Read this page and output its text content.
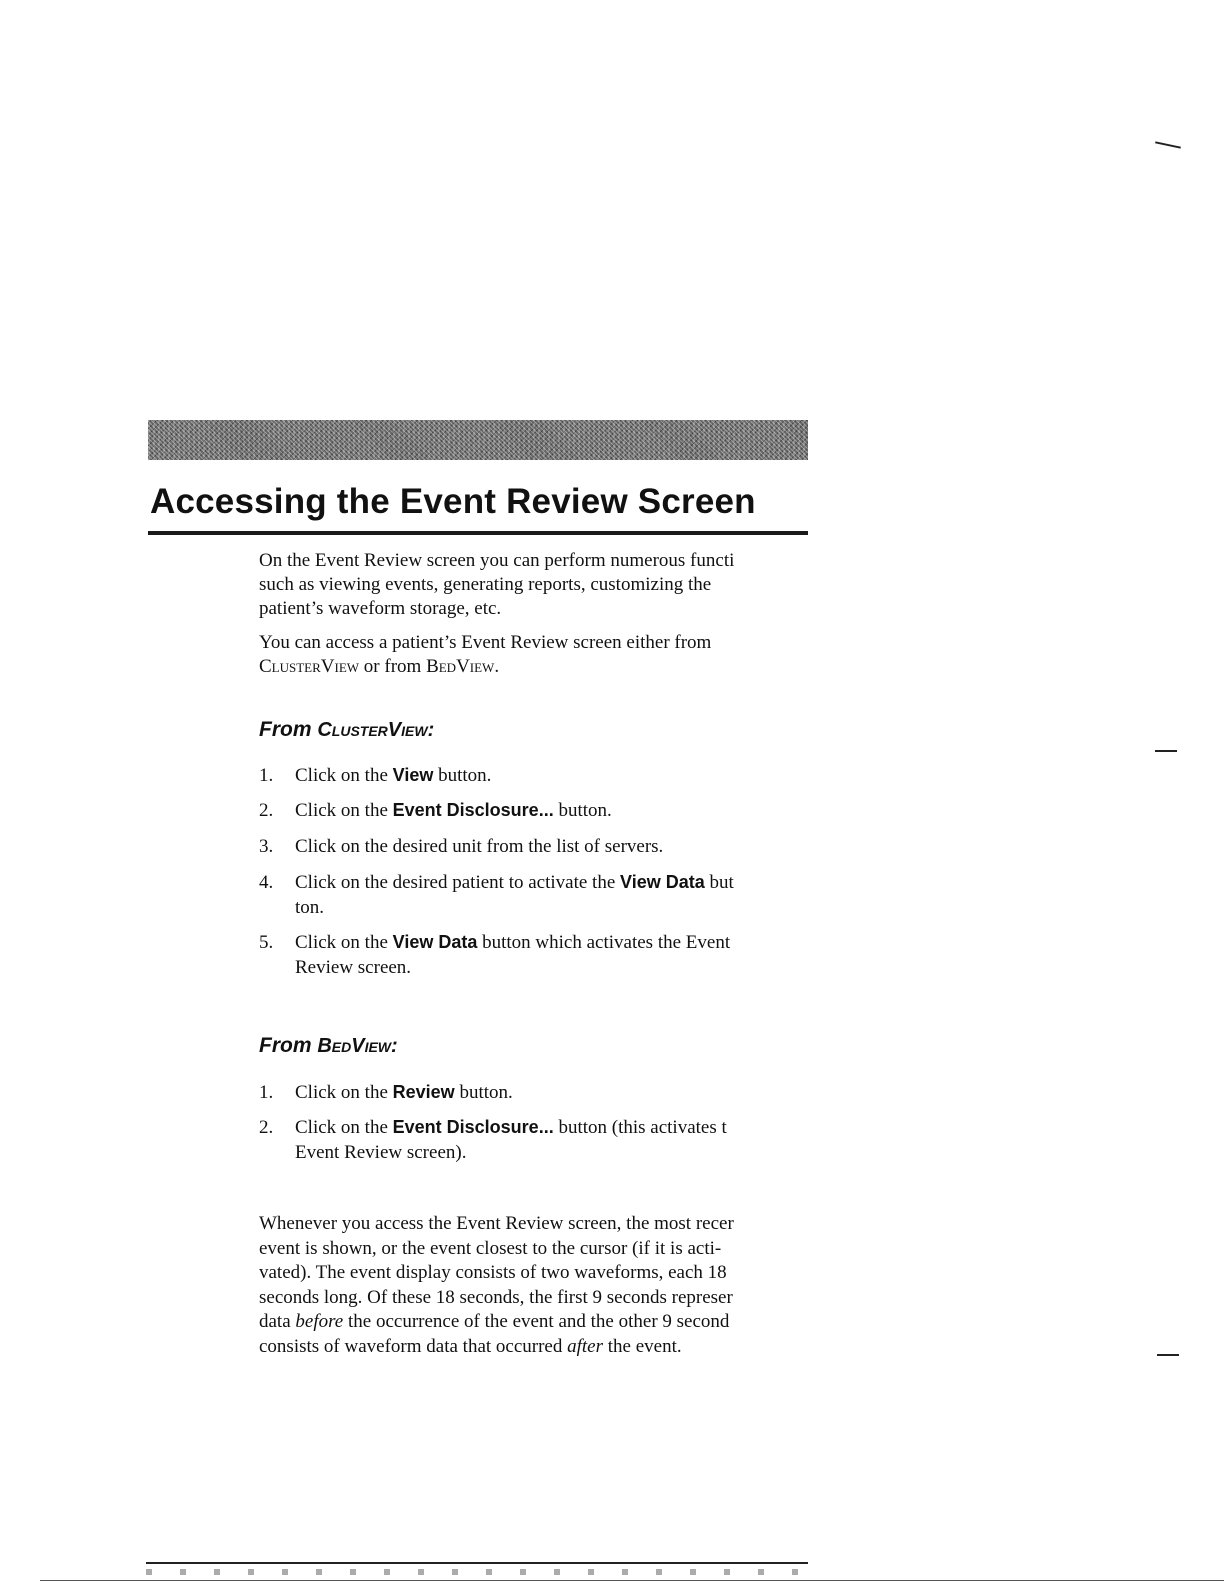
Accessing the Event Review Screen
On the Event Review screen you can perform numerous functi
such as viewing events, generating reports, customizing the
patient’s waveform storage, etc.
You can access a patient’s Event Review screen either from
ClusterView or from BedView.
From ClusterView:
1. Click on the View button.
2. Click on the Event Disclosure... button.
3. Click on the desired unit from the list of servers.
4. Click on the desired patient to activate the View Data but
ton.
5. Click on the View Data button which activates the Event
Review screen.
From BedView:
1. Click on the Review button.
2. Click on the Event Disclosure... button (this activates t
Event Review screen).
Whenever you access the Event Review screen, the most recer
event is shown, or the event closest to the cursor (if it is acti-
vated). The event display consists of two waveforms, each 18
seconds long. Of these 18 seconds, the first 9 seconds represer
data before the occurrence of the event and the other 9 second
consists of waveform data that occurred after the event.
